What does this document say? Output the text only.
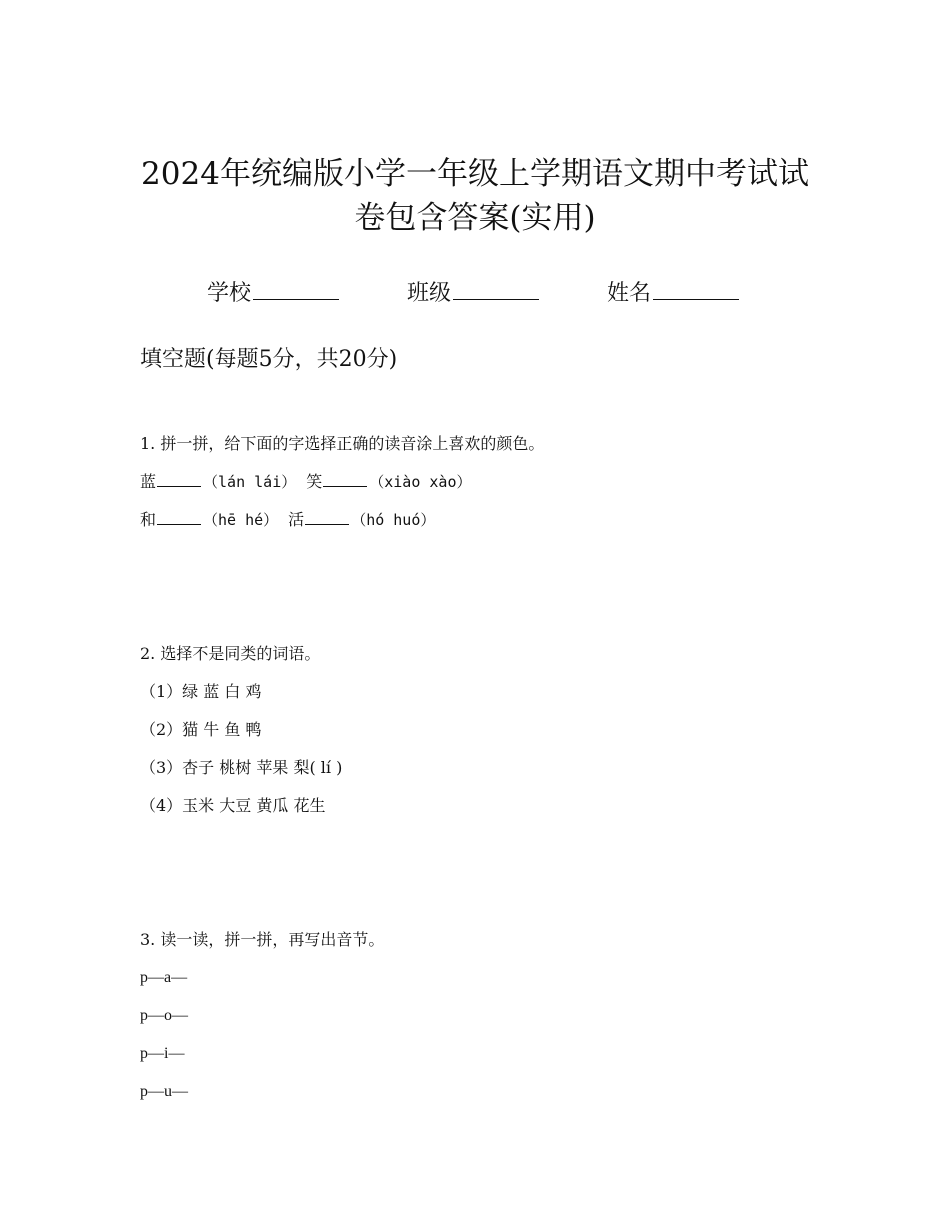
2024年统编版小学一年级上学期语文期中考试试
卷包含答案(实用)
学校	班级	姓名
填空题(每题5分，共20分)
1. 拼一拼，给下面的字选择正确的读音涂上喜欢的颜色。
蓝	（lán lái） 笑	（xiào xào）
和	（hē hé） 活	（hó huó）
2. 选择不是同类的词语。
（1）绿 蓝 白 鸡
（2）猫 牛 鱼 鸭
（3）杏子 桃树 苹果 梨( lí )
（4）玉米 大豆 黄瓜 花生
3. 读一读，拼一拼，再写出音节。
p—a—
p—o—
p—i—
p—u—
